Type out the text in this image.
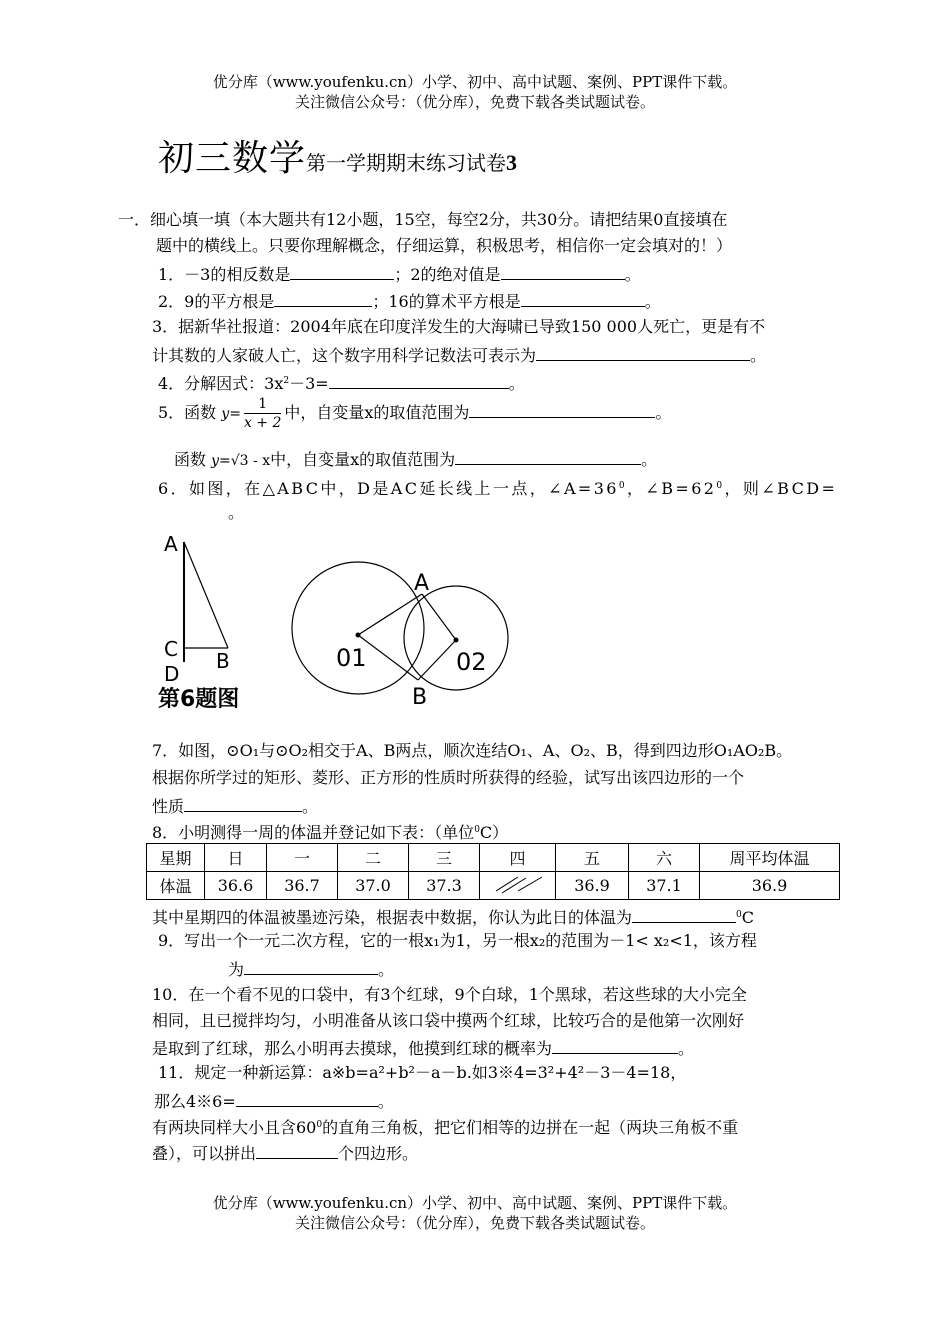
优分库（www.youfenku.cn）小学、初中、高中试题、案例、PPT课件下载。
关注微信公众号：（优分库），免费下载各类试题试卷。
初三数学第一学期期末练习试卷3
一．细心填一填（本大题共有12小题，15空，每空2分，共30分。请把结果0直接填在
题中的横线上。只要你理解概念，仔细运算，积极思考，相信你一定会填对的！）
1．－3的相反数是	；2的绝对值是	。
2．9的平方根是	；16的算术平方根是	。
3．据新华社报道：2004年底在印度洋发生的大海啸已导致150 000人死亡，更是有不
计其数的人家破人亡，这个数字用科学记数法可表示为	。
4．分解因式：$3x^2-3=$	。
5．函数 $y= \frac{1}{x + 2}$ 中，自变量x的取值范围为	。
函数 y=√3 - x中，自变量x的取值范围为	。
6．如图，在△ABC中，D是AC延长线上一点，$\angle A=36^0$，$\angle B=62^0$，则∠BCD=
。
A
C
D
B
第6题图
A
B
01	02
7．如图，⊙O₁与⊙O₂相交于A、B两点，顺次连结O₁、A、O₂、B，得到四边形O₁AO₂B。
根据你所学过的矩形、菱形、正方形的性质时所获得的经验，试写出该四边形的一个
性质	。
8．小明测得一周的体温并登记如下表：（单位$^0$C）
星期	日	一	二	三	四	五	六	周平均体温
体温	36.6	36.7	37.0	37.3		36.9	37.1	36.9
其中星期四的体温被墨迹污染，根据表中数据，你认为此日的体温为	$^0$C
9．写出一个一元二次方程，它的一根x₁为1，另一根x₂的范围为－1< x₂<1，该方程
为	。
10．在一个看不见的口袋中，有3个红球，9个白球，1个黑球，若这些球的大小完全
相同，且已搅拌均匀，小明准备从该口袋中摸两个红球，比较巧合的是他第一次刚好
是取到了红球，那么小明再去摸球，他摸到红球的概率为	。
11．规定一种新运算：a※b=a²+b²－a－b.如3※4=3²+4²－3－4=18，
那么4※6=	。
有两块同样大小且含$60^0$的直角三角板，把它们相等的边拼在一起（两块三角板不重
叠），可以拼出	个四边形。
优分库（www.youfenku.cn）小学、初中、高中试题、案例、PPT课件下载。
关注微信公众号：（优分库），免费下载各类试题试卷。
